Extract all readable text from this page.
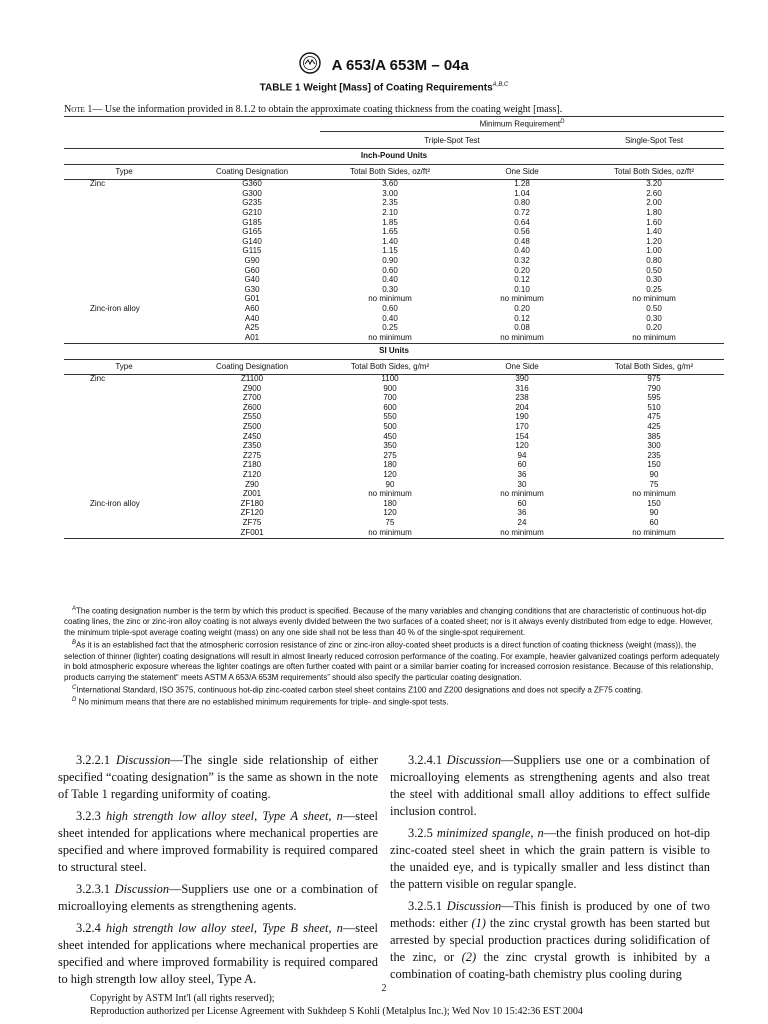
A 653/A 653M – 04a
TABLE 1 Weight [Mass] of Coating Requirements$^{A,B,C}$
Note 1— Use the information provided in 8.1.2 to obtain the approximate coating thickness from the coating weight [mass].
Minimum Requirement$^D$
Triple-Spot Test	Single-Spot Test
Inch-Pound Units
Type	Coating Designation	Total Both Sides, oz/ft²	One Side	Total Both Sides, oz/ft²
Zinc	G360	3.60	1.28	3.20
G300	3.00	1.04	2.60
G235	2.35	0.80	2.00
G210	2.10	0.72	1.80
G185	1.85	0.64	1.60
G165	1.65	0.56	1.40
G140	1.40	0.48	1.20
G115	1.15	0.40	1.00
G90	0.90	0.32	0.80
G60	0.60	0.20	0.50
G40	0.40	0.12	0.30
G30	0.30	0.10	0.25
G01	no minimum	no minimum	no minimum
Zinc-iron alloy	A60	0.60	0.20	0.50
A40	0.40	0.12	0.30
A25	0.25	0.08	0.20
A01	no minimum	no minimum	no minimum
SI Units
Type	Coating Designation	Total Both Sides, g/m²	One Side	Total Both Sides, g/m²
Zinc	Z1100	1100	390	975
Z900	900	316	790
Z700	700	238	595
Z600	600	204	510
Z550	550	190	475
Z500	500	170	425
Z450	450	154	385
Z350	350	120	300
Z275	275	94	235
Z180	180	60	150
Z120	120	36	90
Z90	90	30	75
Z001	no minimum	no minimum	no minimum
Zinc-iron alloy	ZF180	180	60	150
ZF120	120	36	90
ZF75	75	24	60
ZF001	no minimum	no minimum	no minimum
$^A$The coating designation number is the term by which this product is specified. Because of the many variables and changing conditions that are characteristic of continuous hot-dip coating lines, the zinc or zinc-iron alloy coating is not always evenly divided between the two surfaces of a coated sheet; nor is it always evenly distributed from edge to edge. However, the minimum triple-spot average coating weight (mass) on any one side shall not be less than 40 % of the single-spot requirement.
$^B$As it is an established fact that the atmospheric corrosion resistance of zinc or zinc-iron alloy-coated sheet products is a direct function of coating thickness (weight (mass)), the selection of thinner (lighter) coating designations will result in almost linearly reduced corrosion performance of the coating. For example, heavier galvanized coatings perform adequately in bold atmospheric exposure whereas the lighter coatings are often further coated with paint or a similar barrier coating for increased corrosion resistance. Because of this relationship, products carrying the statement“ meets ASTM A 653/A 653M requirements” should also specify the particular coating designation.
$^C$International Standard, ISO 3575, continuous hot-dip zinc-coated carbon steel sheet contains Z100 and Z200 designations and does not specify a ZF75 coating.
$^D$ No minimum means that there are no established minimum requirements for triple- and single-spot tests.

3.2.2.1 Discussion—The single side relationship of either specified “coating designation” is the same as shown in the note of Table 1 regarding uniformity of coating.

3.2.3 high strength low alloy steel, Type A sheet, n—steel sheet intended for applications where mechanical properties are specified and where improved formability is required compared to structural steel.

3.2.3.1 Discussion—Suppliers use one or a combination of microalloying elements as strengthening agents.

3.2.4 high strength low alloy steel, Type B sheet, n—steel sheet intended for applications where mechanical properties are specified and where improved formability is required compared to high strength low alloy steel, Type A.

3.2.4.1 Discussion—Suppliers use one or a combination of microalloying elements as strengthening agents and also treat the steel with additional small alloy additions to effect sulfide inclusion control.

3.2.5 minimized spangle, n—the finish produced on hot-dip zinc-coated steel sheet in which the grain pattern is visible to the unaided eye, and is typically smaller and less distinct than the pattern visible on regular spangle.

3.2.5.1 Discussion—This finish is produced by one of two methods: either (1) the zinc crystal growth has been started but arrested by special production practices during solidification of the zinc, or (2) the zinc crystal growth is inhibited by a combination of coating-bath chemistry plus cooling during

2
Copyright by ASTM Int'l (all rights reserved);
Reproduction authorized per License Agreement with Sukhdeep S Kohli (Metalplus Inc.); Wed Nov 10 15:42:36 EST 2004
